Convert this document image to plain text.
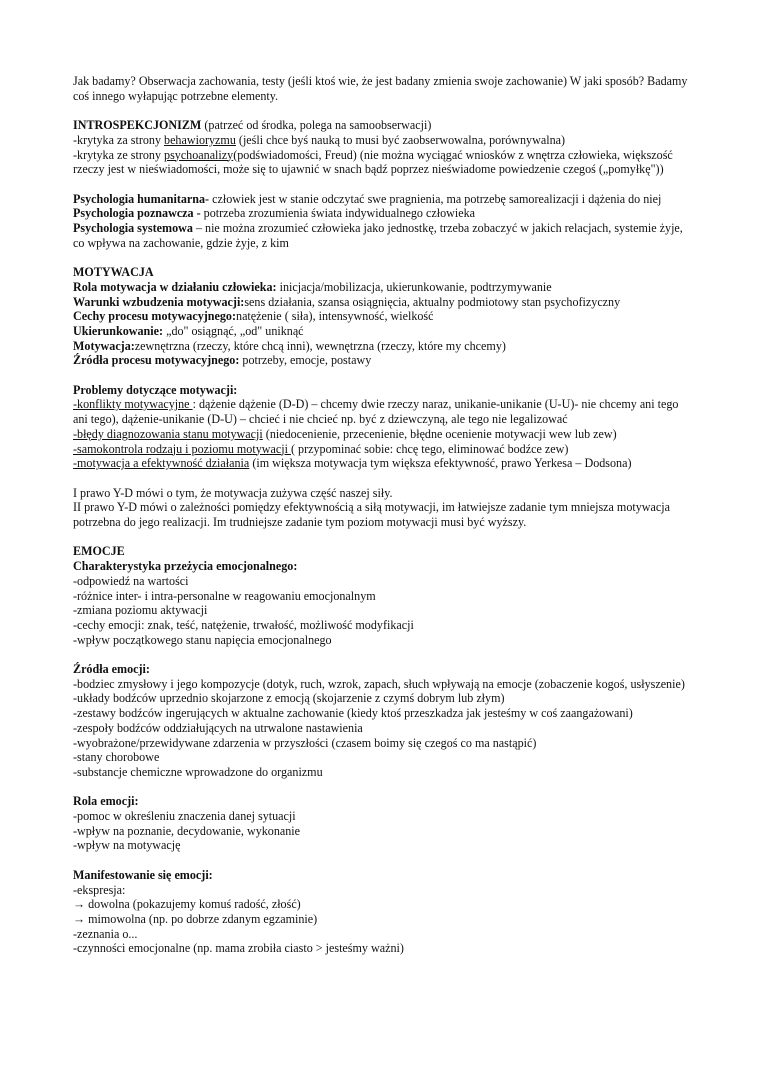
Jak badamy? Obserwacja zachowania, testy (jeśli ktoś wie, że jest badany zmienia swoje zachowanie) W jaki sposób? Badamy coś innego wyłapując potrzebne elementy.
INTROSPEKCJONIZM (patrzeć od środka, polega na samoobserwacji)
-krytyka za strony behawioryzmu (jeśli chce byś nauką to musi być zaobserwowalna, porównywalna)
-krytyka ze strony psychoanalizy(podświadomości, Freud) (nie można wyciągać wniosków z wnętrza człowieka, większość rzeczy jest w nieświadomości, może się to ujawnić w snach bądź poprzez nieświadome powiedzenie czegoś („pomyłkę"))
Psychologia humanitarna- człowiek jest w stanie odczytać swe pragnienia, ma potrzebę samorealizacji i dążenia do niej
Psychologia poznawcza - potrzeba zrozumienia świata indywidualnego człowieka
Psychologia systemowa – nie można zrozumieć człowieka jako jednostkę, trzeba zobaczyć w jakich relacjach, systemie żyje, co wpływa na zachowanie, gdzie żyje, z kim
MOTYWACJA
Rola motywacja w działaniu człowieka: inicjacja/mobilizacja, ukierunkowanie, podtrzymywanie
Warunki wzbudzenia motywacji:sens działania, szansa osiągnięcia, aktualny podmiotowy stan psychofizyczny
Cechy procesu motywacyjnego:natężenie ( siła), intensywność, wielkość
Ukierunkowanie: „do" osiągnąć, „od" uniknąć
Motywacja:zewnętrzna (rzeczy, które chcą inni), wewnętrzna (rzeczy, które my chcemy)
Źródła procesu motywacyjnego: potrzeby, emocje, postawy
Problemy dotyczące motywacji:
-konflikty motywacyjne : dążenie dążenie (D-D) – chcemy dwie rzeczy naraz, unikanie-unikanie (U-U)- nie chcemy ani tego ani tego), dążenie-unikanie (D-U) – chcieć i nie chcieć np. być z dziewczyną, ale tego nie legalizować
-błędy diagnozowania stanu motywacji (niedocenienie, przecenienie, błędne ocenienie motywacji wew lub zew)
-samokontrola rodzaju i poziomu motywacji ( przypominać sobie: chcę tego, eliminować bodźce zew)
-motywacja a efektywność działania (im większa motywacja tym większa efektywność, prawo Yerkesa – Dodsona)
I prawo Y-D mówi o tym, że motywacja zużywa część naszej siły.
II prawo Y-D mówi o zależności pomiędzy efektywnością a siłą motywacji, im łatwiejsze zadanie tym mniejsza motywacja potrzebna do jego realizacji. Im trudniejsze zadanie tym poziom motywacji musi być wyższy.
EMOCJE
Charakterystyka przeżycia emocjonalnego:
-odpowiedź na wartości
-różnice inter- i intra-personalne w reagowaniu emocjonalnym
-zmiana poziomu aktywacji
-cechy emocji: znak, teść, natężenie, trwałość, możliwość modyfikacji
-wpływ początkowego stanu napięcia emocjonalnego
Źródła emocji:
-bodziec zmysłowy i jego kompozycje (dotyk, ruch, wzrok, zapach, słuch wpływają na emocje (zobaczenie kogoś, usłyszenie)
-układy bodźców uprzednio skojarzone z emocją (skojarzenie z czymś dobrym lub złym)
-zestawy bodźców ingerujących w aktualne zachowanie (kiedy ktoś przeszkadza jak jesteśmy w coś zaangażowani)
-zespoły bodźców oddziałujących na utrwalone nastawienia
-wyobrażone/przewidywane zdarzenia w przyszłości (czasem boimy się czegoś co ma nastąpić)
-stany chorobowe
-substancje chemiczne wprowadzone do organizmu
Rola emocji:
-pomoc w określeniu znaczenia danej sytuacji
-wpływ na poznanie, decydowanie, wykonanie
-wpływ na motywację
Manifestowanie się emocji:
-ekspresja:
→ dowolna (pokazujemy komuś radość, złość)
→ mimowolna (np. po dobrze zdanym egzaminie)
-zeznania o...
-czynności emocjonalne (np. mama zrobiła ciasto > jesteśmy ważni)
